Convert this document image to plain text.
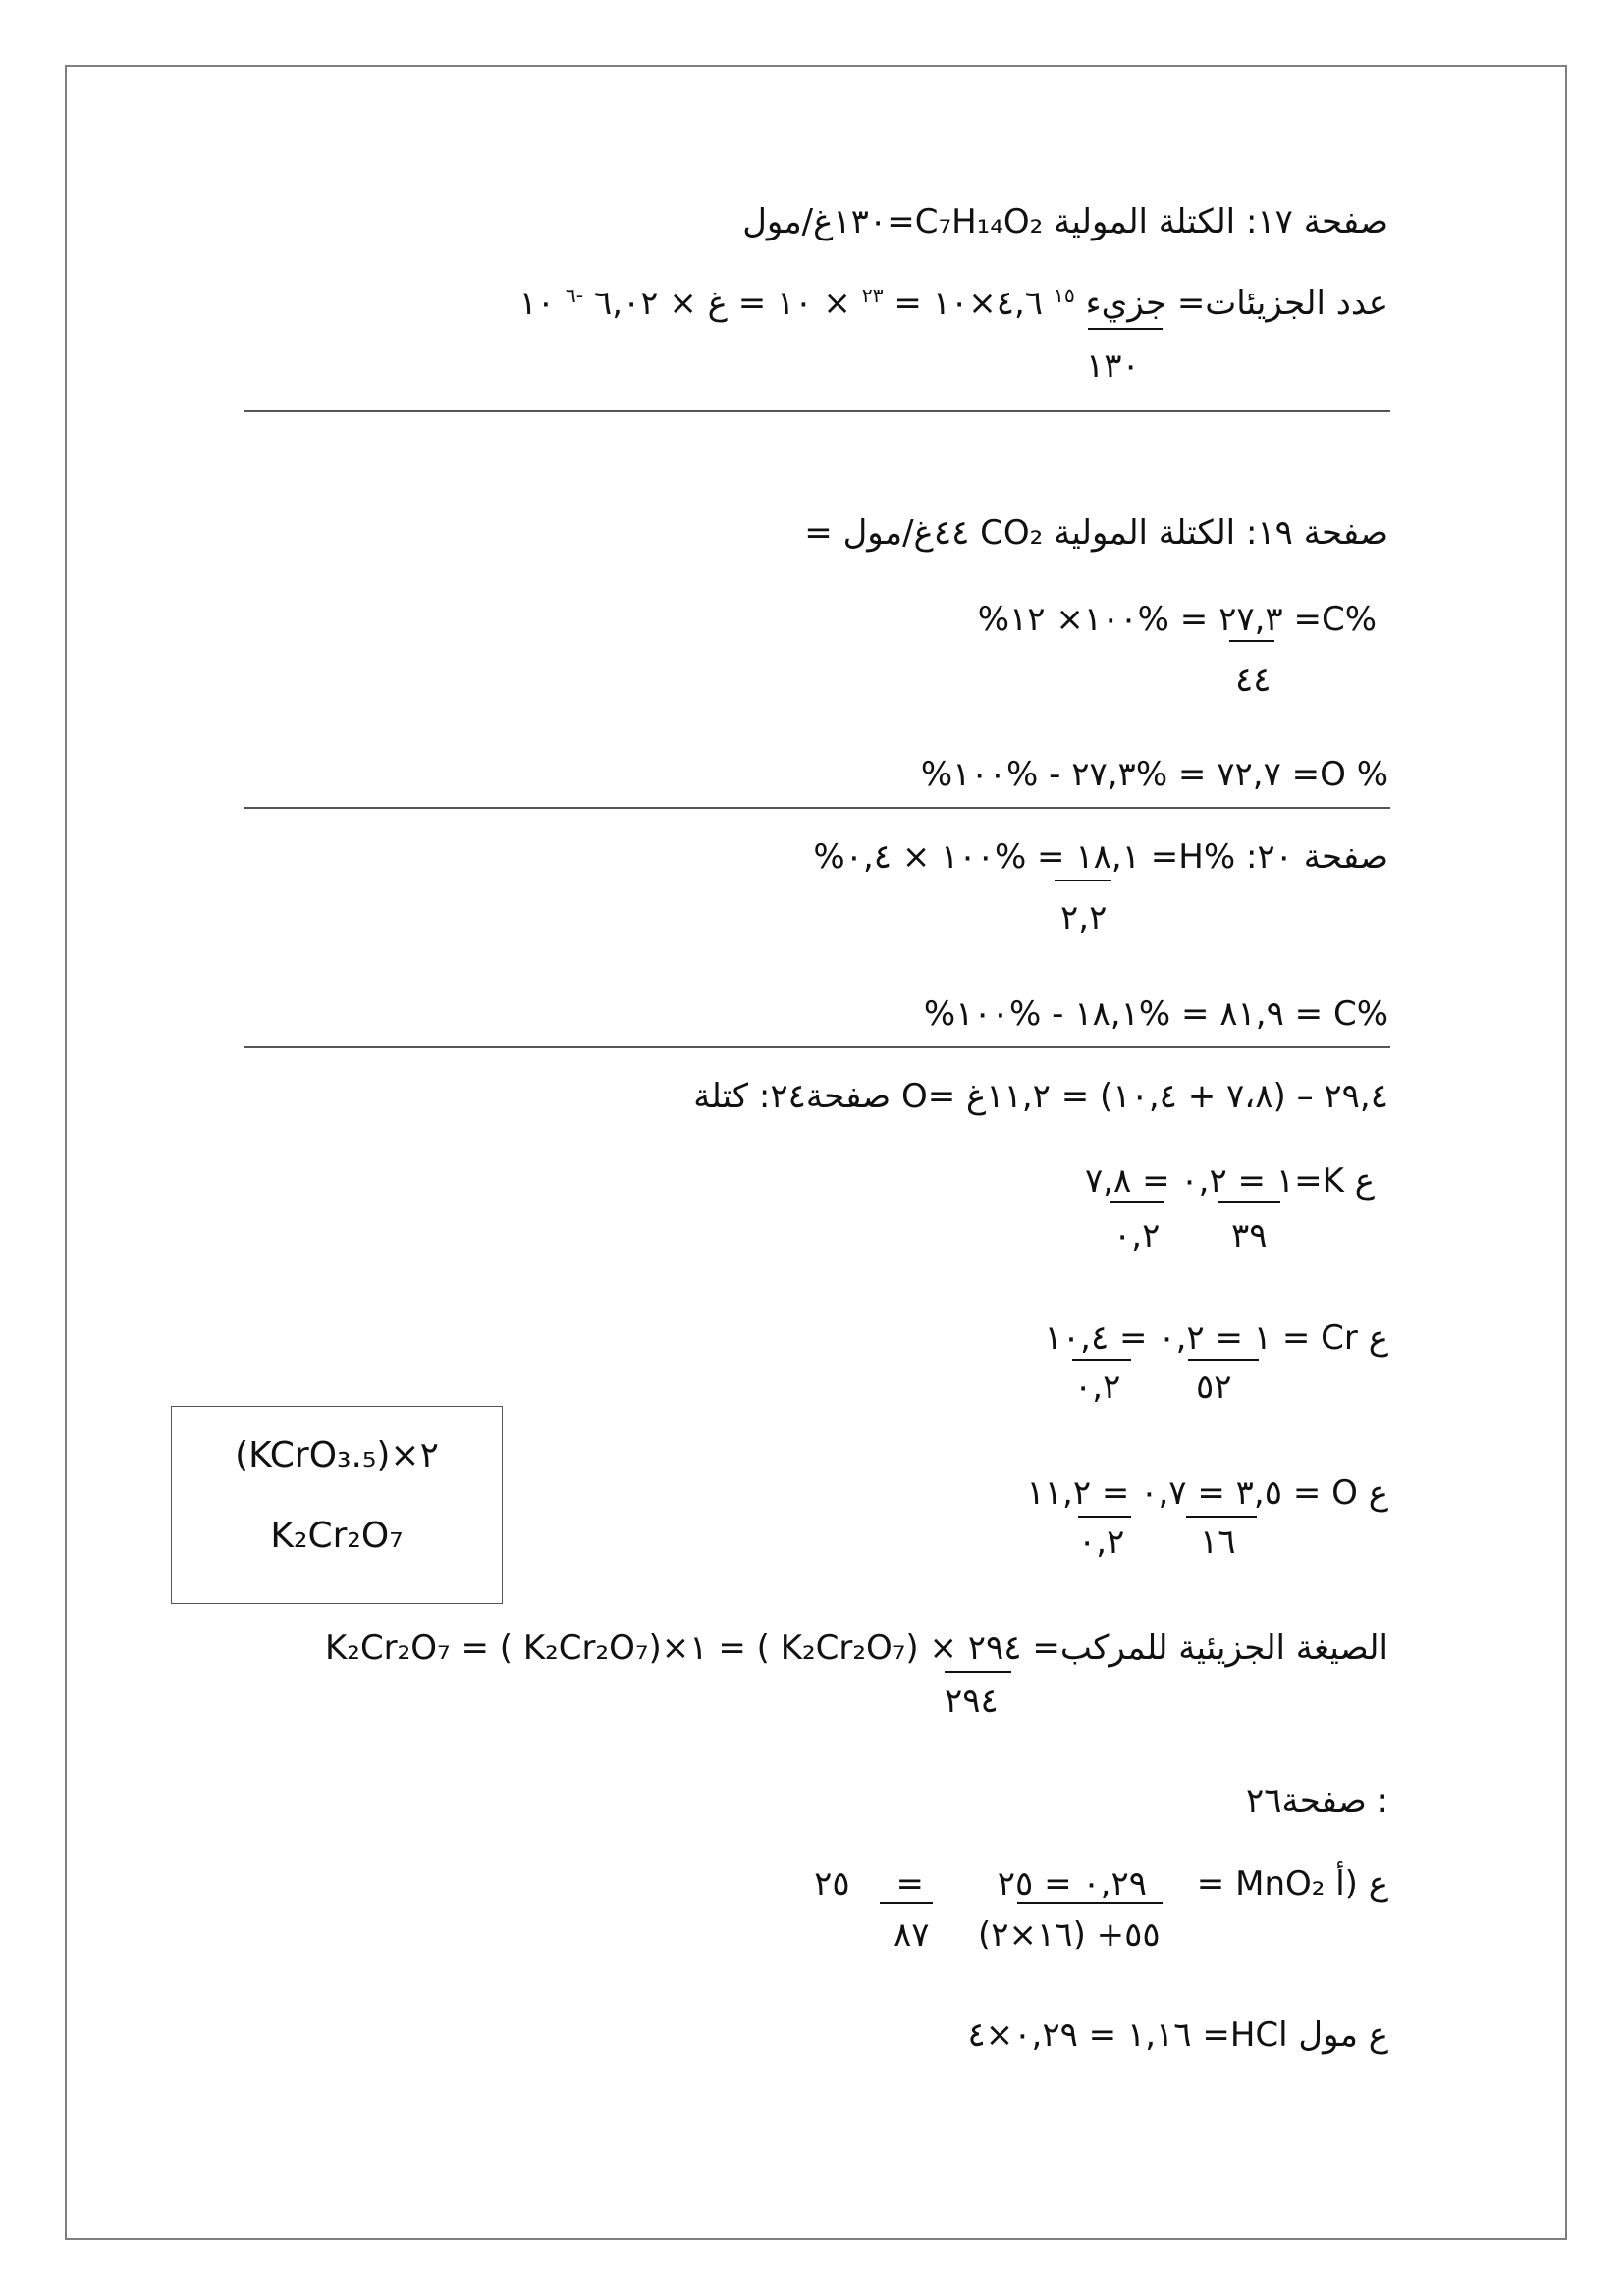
١٣٠غ/مول=C₇H₁₄O₂ صفحة ١٧: الكتلة المولية
جزيء $^{١٥}$ ٤,٦×١٠ = $^{٢٣}$ × ١٠ = غ × ٦,٠٢ $^{-٦}$ ١٠	عدد الجزيئات=
١٣٠
= ٤٤غ/مول CO₂ صفحة ١٩: الكتلة المولية
%٢٧,٣ = %١٠٠× ١٢	=C%
٤٤
%٧٢,٧ = %٢٧,٣ - %١٠٠ =O %
%١٨,١ = %١٠٠ × ٠,٤	=H% صفحة ٢٠:
٢,٢
%٨١,٩ = %١٨,١ - %١٠٠ = C%
صفحة٢٤: كتلة O= ٢٩,٤ – (٧،٨ + ١٠,٤) = ١١,٢غ
١ = ٠,٢ = ٧,٨	=K ع
٠,٢ ٣٩
١ = ٠,٢ = ١٠,٤	= Cr ع
٠,٢ ٥٢
٣,٥ = ٠,٧ = ١١,٢	= O ع
٠,٢ ١٦
(KCrO₃.₅)×٢
K₂Cr₂O₇
K₂Cr₂O₇ = ( K₂Cr₂O₇)×١ = ( K₂Cr₂O₇) × ٢٩٤ الصيغة الجزيئية للمركب=
٢٩٤
صفحة٢٦ :
٠,٢٩ = ٢٥ = ٢٥	= MnO₂ ع (أ
٨٧ (١٦×٢) +٥٥
١,١٦ = ٠,٢٩×٤ =HCl ع مول
